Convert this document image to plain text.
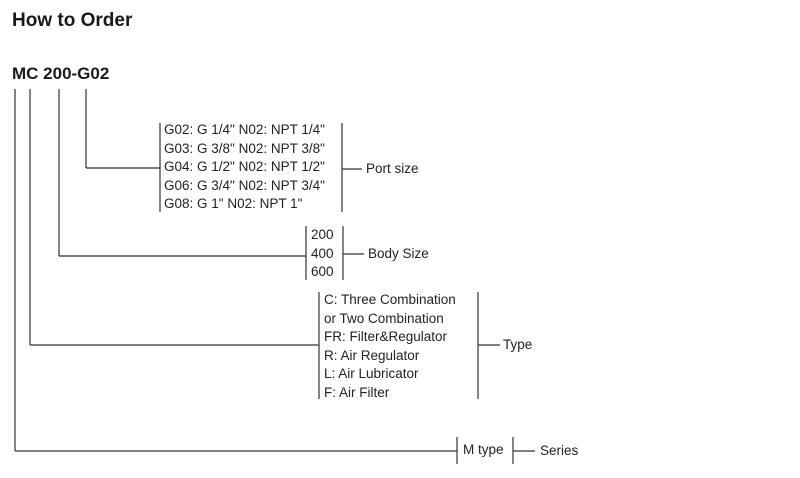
How to Order
MC 200-G02
G02: G 1/4" N02: NPT 1/4"
G03: G 3/8" N02: NPT 3/8"
G04: G 1/2" N02: NPT 1/2"
G06: G 3/4" N02: NPT 3/4"
G08: G 1" N02: NPT 1"
Port size
200
400
600
Body Size
C: Three Combination
or Two Combination
FR: Filter&Regulator
R: Air Regulator
L: Air Lubricator
F: Air Filter
Type
M type	Series
